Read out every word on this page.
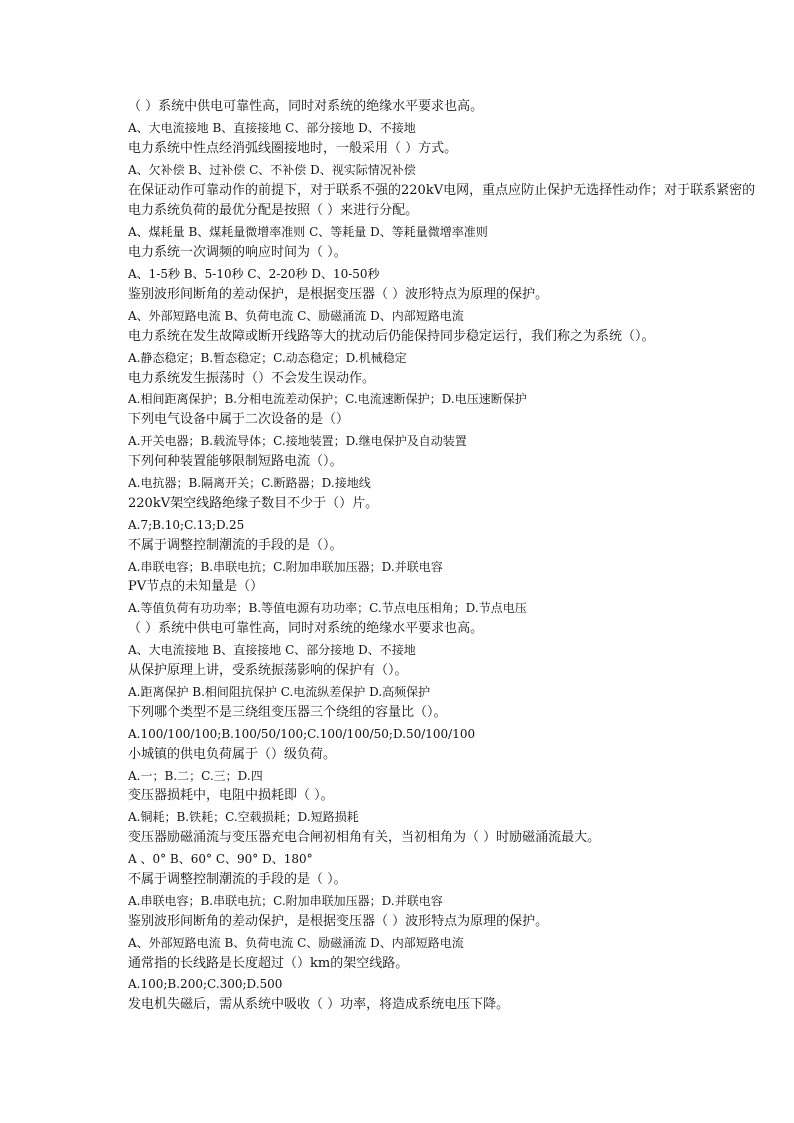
（ ）系统中供电可靠性高，同时对系统的绝缘水平要求也高。
A、大电流接地 B、直接接地 C、部分接地 D、不接地
电力系统中性点经消弧线圈接地时，一般采用（ ）方式。
A、欠补偿 B、过补偿 C、不补偿 D、视实际情况补偿
在保证动作可靠动作的前提下，对于联系不强的220kV电网，重点应防止保护无选择性动作；对于联系紧密的
电力系统负荷的最优分配是按照（ ）来进行分配。
A、煤耗量 B、煤耗量微增率准则 C、等耗量 D、等耗量微增率准则
电力系统一次调频的响应时间为（ ）。
A、1-5秒 B、5-10秒 C、2-20秒 D、10-50秒
鉴别波形间断角的差动保护，是根据变压器（ ）波形特点为原理的保护。
A、外部短路电流 B、负荷电流 C、励磁涌流 D、内部短路电流
电力系统在发生故障或断开线路等大的扰动后仍能保持同步稳定运行，我们称之为系统（）。
A.静态稳定；B.暂态稳定；C.动态稳定；D.机械稳定
电力系统发生振荡时（）不会发生误动作。
A.相间距离保护；B.分相电流差动保护；C.电流速断保护；D.电压速断保护
下列电气设备中属于二次设备的是（）
A.开关电器；B.载流导体；C.接地装置；D.继电保护及自动装置
下列何种装置能够限制短路电流（）。
A.电抗器；B.隔离开关；C.断路器；D.接地线
220kV架空线路绝缘子数目不少于（）片。
A.7;B.10;C.13;D.25
不属于调整控制潮流的手段的是（）。
A.串联电容；B.串联电抗；C.附加串联加压器；D.并联电容
PV节点的未知量是（）
A.等值负荷有功功率；B.等值电源有功功率；C.节点电压相角；D.节点电压
（ ）系统中供电可靠性高，同时对系统的绝缘水平要求也高。
A、大电流接地 B、直接接地 C、部分接地 D、不接地
从保护原理上讲，受系统振荡影响的保护有（）。
A.距离保护 B.相间阻抗保护 C.电流纵差保护 D.高频保护
下列哪个类型不是三绕组变压器三个绕组的容量比（）。
A.100/100/100;B.100/50/100;C.100/100/50;D.50/100/100
小城镇的供电负荷属于（）级负荷。
A.一；B.二；C.三；D.四
变压器损耗中，电阻中损耗即（ ）。
A.铜耗；B.铁耗；C.空载损耗；D.短路损耗
变压器励磁涌流与变压器充电合闸初相角有关，当初相角为（ ）时励磁涌流最大。
A 、0° B、60° C、90° D、180°
不属于调整控制潮流的手段的是（ ）。
A.串联电容；B.串联电抗；C.附加串联加压器；D.并联电容
鉴别波形间断角的差动保护，是根据变压器（ ）波形特点为原理的保护。
A、外部短路电流 B、负荷电流 C、励磁涌流 D、内部短路电流
通常指的长线路是长度超过（）km的架空线路。
A.100;B.200;C.300;D.500
发电机失磁后，需从系统中吸收（ ）功率，将造成系统电压下降。
